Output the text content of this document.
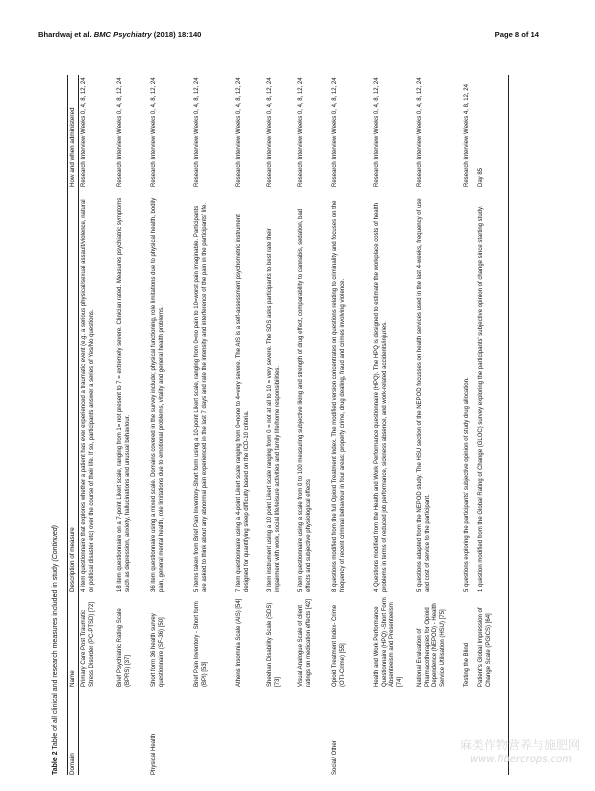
Bhardwaj et al. BMC Psychiatry (2018) 18:140	Page 8 of 14
Table 2 Table of all clinical and research measures included in study (Continued)
Domain
Name
Description of measure
How and when administered
Primary Care Post Traumatic Stress Disorder (PC-PTSD) [72]
4 item questionnaire that explores whether a patient has ever experienced a traumatic event (e.g. a serious physical/sexual assault/violence, natural or political disaster etc) over the course of their life. If so, participants answer a series of Yes/No questions.
Research Interview Weeks 0, 4, 8, 12, 24
Brief Psychiatric Rating Scale (BPRS) [37]
18 item questionnaire on a 7-point Likert scale, ranging from 1= not present to 7 = extremely severe. Clinician rated. Measures psychiatric symptoms such as depression, anxiety, hallucinations and unusual behaviour.
Research Interview Weeks 0, 4, 8, 12, 24
Physical Health
Short form 36 health survey questionnaire (SF-36) [50]
36 item questionnaire using a mixed scale. Domains covered in the survey include; physical functioning, role limitations due to physical health, bodily pain, general mental health, role limitations due to emotional problems, vitality and general health problems.
Research Interview Weeks 0, 4, 8, 12, 24
Brief Pain Inventory - Short form (BPI) [53]
5 items taken from Brief Pain Inventory-Short form using a 10-point Likert scale, ranging from 0=no pain to 10=worst pain imaginable. Participants are asked to think about any abnormal pain experienced in the last 7 days and rate the intensity and interference of the pain in the participants' life.
Research Interview Weeks 0, 4, 8, 12, 24
Athens Insomnia Scale (AIS) [54]
7 item questionnaire using a 4-point Likert scale ranging from 0=none to 4=very severe. The AIS is a self-assessment psychometric instrument designed for quantifying sleep difficulty based on the ICD-10 criteria.
Research Interview Weeks 0, 4, 8, 12, 24
Sheehan Disability Scale (SDS) [73]
3 item instrument using a 10 point Likert scale ranging from 0 = not at all to 10 = very severe. The SDS asks participants to best rate their impairment with work, social life/leisure activities and family life/home responsibilities.
Research Interview Weeks 0, 4, 8, 12, 24
Visual Analogue Scale of client ratings on medication effects [42]
5 item questionnaire using a scale from 0 to 100 measuring subjective liking and strength of drug effect, comparability to cannabis, sedation, bad effects and subjective physiological effects
Research Interview Weeks 0, 4, 8, 12, 24
Social/ Other
Opioid Treatment Index- Crime (OTI-Crime) [55]
8 questions modified from the full Opioid Treatment Index. The modified version concentrates on questions relating to criminality and focuses on the frequency of recent criminal behaviour in four areas: property crime, drug dealing, fraud and crimes involving violence.
Research Interview Weeks 0, 4, 8, 12, 24
Health and Work Performance Questionnaire (HPQ) -Short Form Absenteeism and Presenteeism [74]
4 Questions modified from the Health and Work Performance questionnaire (HPQ). The HPQ is designed to estimate the workplace costs of health problems in terms of reduced job performance, sickness absence, and work-related accidents/injuries.
Research Interview Weeks 0, 4, 8, 12, 24
National Evaluation of Pharmacotherapies for Opioid Dependence (NEPOD) - Health Service Utilisation (HSU) [75]
5 questions adapted from the NEPOD study. The HSU section of the NEPOD focusses on health services used in the last 4-weeks, frequency of use and cost of service to the participant.
Research Interview Weeks 0, 4, 8, 12, 24
Testing the Blind
5 questions exploring the participants' subjective opinion of study drug allocation.
Research Interview Weeks 4, 8, 12, 24
Patient's Global Impression of Change Scale (PGICS) [64]
1 question modified from the Global Rating of Change (GLOC) survey exploring the participants' subjective opinion of change since starting study.
Day 85
麻类作物营养与施肥网
www.fibercrops.com
